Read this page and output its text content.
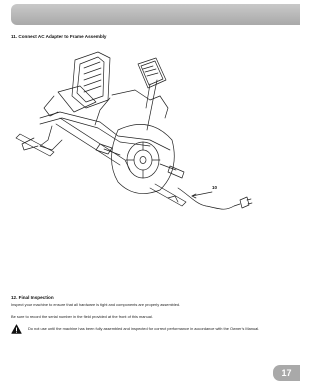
11. Connect AC Adapter to Frame Assembly
10
12. Final Inspection
Inspect your machine to ensure that all hardware is tight and components are properly assembled.
Be sure to record the serial number in the field provided at the front of this manual.
Do not use until the machine has been fully assembled and inspected for correct performance in accordance with the Owner’s Manual.
17
